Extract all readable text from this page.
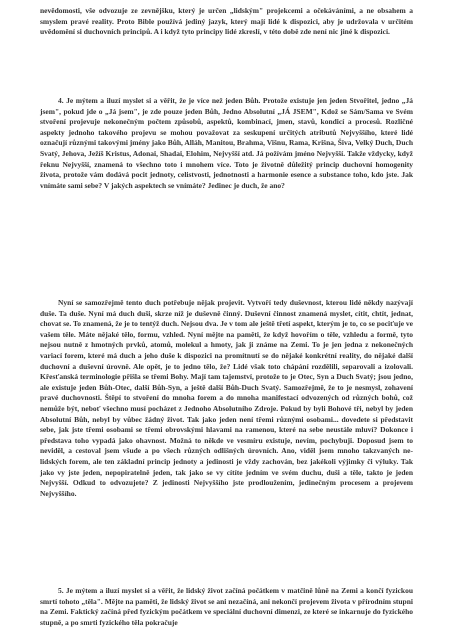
nevědomosti, vše odvozuje ze zevnějšku, který je určen „lidským" projekcemi a očekáváními, a ne obsahem a smyslem pravé reality. Proto Bible používá jediný jazyk, který mají lidé k dispozici, aby je udržovala v určitém uvědomění si duchovních principů. A i když tyto principy lidé zkreslí, v této době zde není nic jiné k dispozici.

4. Je mýtem a iluzí myslet si a věřit, že je více než jeden Bůh. Protože existuje jen jeden Stvořitel, jedno „Já jsem", pokud jde o „Já jsem", je zde pouze jeden Bůh, Jedno Absolutní „JÁ JSEM", Kdož se Sám/Sama ve Svém stvoření projevuje nekonečným počtem způsobů, aspektů, kombinací, jmen, stavů, kondicí a procesů. Rozličné aspekty jednoho takového projevu se mohou považovat za seskupení určitých atributů Nejvyššího, které lidé označují různými takovými jmény jako Bůh, Alláh, Manitou, Brahma, Višnu, Rama, Krišna, Šiva, Velký Duch, Duch Svatý, Jehova, Ježíš Kristus, Adonai, Shadai, Elohim, Nejvyšší atd. Já požívám jméno Nejvyšší. Takže vždycky, když řeknu Nejvyšší, znamená to všechno toto i mnohem více. Toto je životně důležitý princip duchovní homogenity života, protože vám dodává pocit jednoty, celistvosti, jednotnosti a harmonie esence a substance toho, kdo jste. Jak vnímáte sami sebe? V jakých aspektech se vnímáte? Jedinec je duch, že ano?

Nyní se samozřejmě tento duch potřebuje nějak projevit. Vytvoří tedy duševnost, kterou lidé někdy nazývají duše. Ta duše. Nyní má duch duši, skrze níž je duševně činný. Duševní činnost znamená myslet, cítit, chtít, jednat, chovat se. To znamená, že je to tentýž duch. Nejsou dva. Je v tom ale ještě třetí aspekt, kterým je to, co se pociťuje ve vašem těle. Máte nějaké tělo, formu, vzhled. Nyní mějte na paměti, že když hovořím o těle, vzhledu a formě, tyto nejsou nutně z hmotných prvků, atomů, molekul a hmoty, jak ji známe na Zemi. To je jen jedna z nekonečných variací forem, které má duch a jeho duše k dispozici na promítnutí se do nějaké konkrétní reality, do nějaké další duchovní a duševní úrovně. Ale opět, je to jedno tělo, že? Lidé však toto chápání rozdělili, separovali a izolovali. Křesťanská terminologie přišla se třemi Bohy. Mají tam tajemství, protože to je Otec, Syn a Duch Svatý; jsou jedno, ale existuje jeden Bůh-Otec, další Bůh-Syn, a ještě další Bůh-Duch Svatý. Samozřejmě, že to je nesmysl, zohavení pravé duchovnosti. Štěpí to stvoření do mnoha forem a do mnoha manifestací odvozených od různých bohů, což nemůže být, neboť všechno musí pocházet z Jednoho Absolutního Zdroje. Pokud by byli Bohové tři, nebyl by jeden Absolutní Bůh, nebyl by vůbec žádný život. Tak jako jeden není třemi různými osobami... dovedete si představit sebe, jak jste třemi osobami se třemi obrovskými hlavami na ramenou, které na sebe neustále mluví? Dokonce i představa toho vypadá jako ohavnost. Možná to někde ve vesmíru existuje, nevím, pochybuji. Doposud jsem to neviděl, a cestoval jsem všude a po všech různých odlišných úrovních. Ano, viděl jsem mnoho takzvaných ne-lidských forem, ale ten základní princip jednoty a jedinosti je vždy zachován, bez jakékoli výjimky či výluky. Tak jako vy jste jeden, nepopiratelně jeden, tak jako se vy cítíte jedním ve svém duchu, duši a těle, takto je jeden Nejvyšší. Odkud to odvozujete? Z jedinosti Nejvyššího jste prodloužením, jedinečným procesem a projevem Nejvyššího.

5. Je mýtem a iluzí myslet si a věřit, že lidský život začíná počátkem v matčině lůně na Zemi a končí fyzickou smrtí tohoto „těla". Mějte na paměti, že lidský život se ani nezačíná, ani nekončí projevem života v přírodním stupni na Zemi. Faktický začíná před fyzickým počátkem ve speciální duchovní dimenzi, ze které se inkarnuje do fyzického stupně, a po smrti fyzického těla pokračuje
